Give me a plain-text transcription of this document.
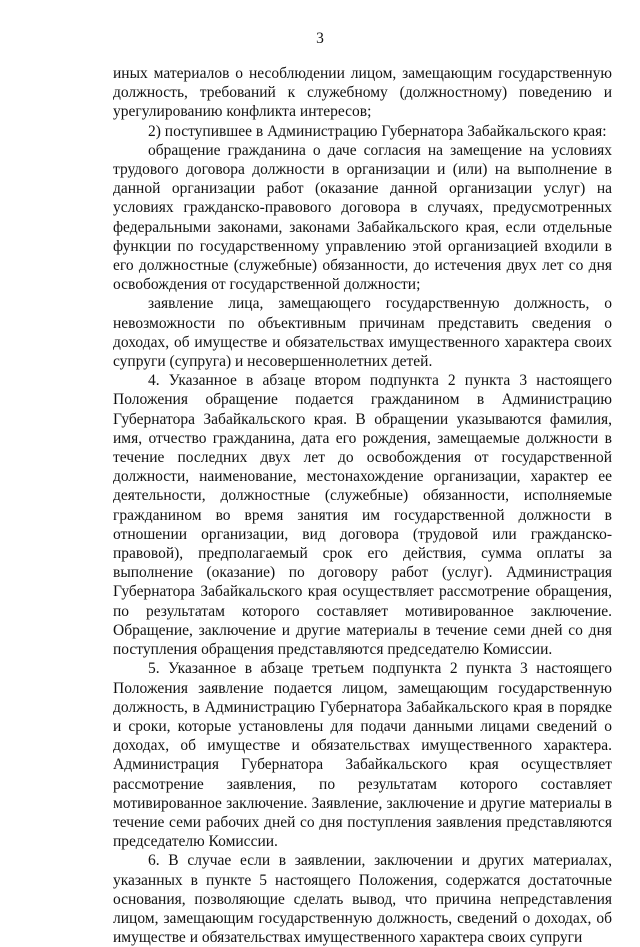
3

иных материалов о несоблюдении лицом, замещающим государственную должность, требований к служебному (должностному) поведению и урегулированию конфликта интересов;

2) поступившее в Администрацию Губернатора Забайкальского края:

обращение гражданина о даче согласия на замещение на условиях трудового договора должности в организации и (или) на выполнение в данной организации работ (оказание данной организации услуг) на условиях гражданско-правового договора в случаях, предусмотренных федеральными законами, законами Забайкальского края, если отдельные функции по государственному управлению этой организацией входили в его должностные (служебные) обязанности, до истечения двух лет со дня освобождения от государственной должности;

заявление лица, замещающего государственную должность, о невозможности по объективным причинам представить сведения о доходах, об имуществе и обязательствах имущественного характера своих супруги (супруга) и несовершеннолетних детей.

4. Указанное в абзаце втором подпункта 2 пункта 3 настоящего Положения обращение подается гражданином в Администрацию Губернатора Забайкальского края. В обращении указываются фамилия, имя, отчество гражданина, дата его рождения, замещаемые должности в течение последних двух лет до освобождения от государственной должности, наименование, местонахождение организации, характер ее деятельности, должностные (служебные) обязанности, исполняемые гражданином во время занятия им государственной должности в отношении организации, вид договора (трудовой или гражданско-правовой), предполагаемый срок его действия, сумма оплаты за выполнение (оказание) по договору работ (услуг). Администрация Губернатора Забайкальского края осуществляет рассмотрение обращения, по результатам которого составляет мотивированное заключение. Обращение, заключение и другие материалы в течение семи дней со дня поступления обращения представляются председателю Комиссии.

5. Указанное в абзаце третьем подпункта 2 пункта 3 настоящего Положения заявление подается лицом, замещающим государственную должность, в Администрацию Губернатора Забайкальского края в порядке и сроки, которые установлены для подачи данными лицами сведений о доходах, об имуществе и обязательствах имущественного характера. Администрация Губернатора Забайкальского края осуществляет рассмотрение заявления, по результатам которого составляет мотивированное заключение. Заявление, заключение и другие материалы в течение семи рабочих дней со дня поступления заявления представляются председателю Комиссии.

6. В случае если в заявлении, заключении и других материалах, указанных в пункте 5 настоящего Положения, содержатся достаточные основания, позволяющие сделать вывод, что причина непредставления лицом, замещающим государственную должность, сведений о доходах, об имуществе и обязательствах имущественного характера своих супруги
